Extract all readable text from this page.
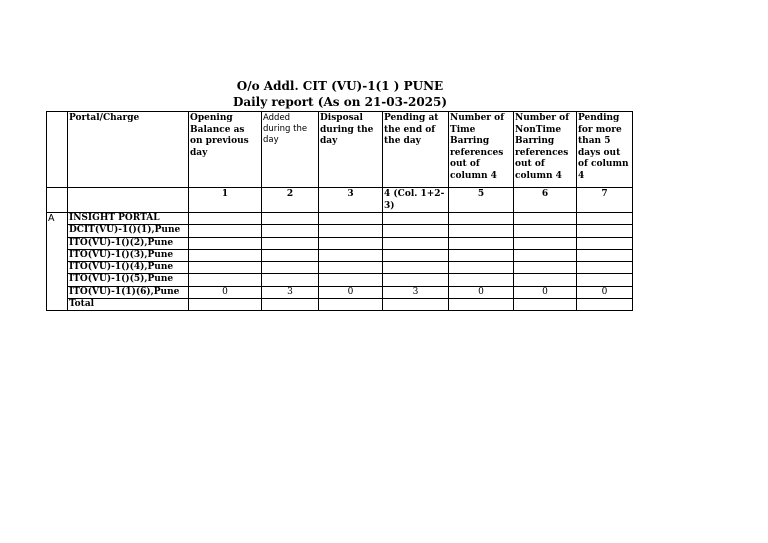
O/o Addl. CIT (VU)-1(1 ) PUNE
Daily report (As on 21-03-2025)
	Portal/Charge	Opening Balance as on previous day	Added during the day	Disposal during the day	Pending at the end of the day	Number of Time Barring references out of column 4	Number of NonTime Barring references out of column 4	Pending for more than 5 days out of column 4
		1	2	3	4 (Col. 1+2-3)	5	6	7
A	INSIGHT PORTAL							
	DCIT(VU)-1()(1),Pune							
	ITO(VU)-1()(2),Pune							
	ITO(VU)-1()(3),Pune							
	ITO(VU)-1()(4),Pune							
	ITO(VU)-1()(5),Pune							
	ITO(VU)-1(1)(6),Pune	0	3	0	3	0	0	0
	Total							
